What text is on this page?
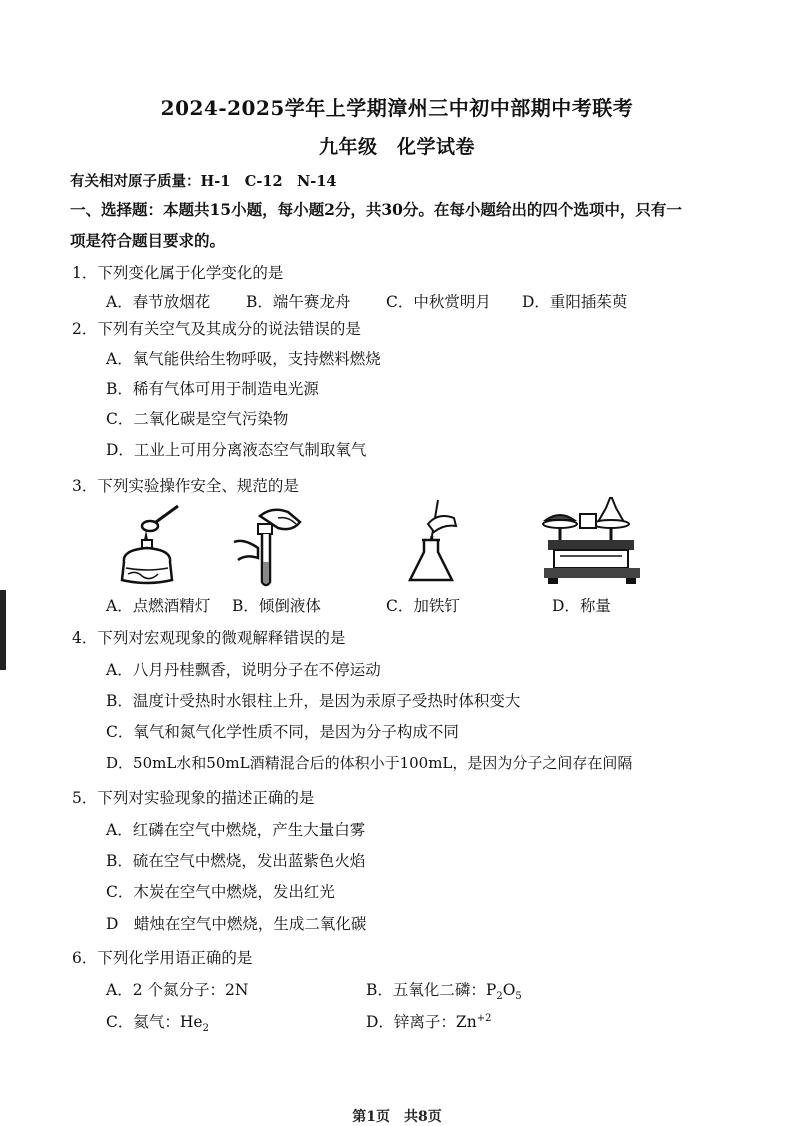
2024-2025学年上学期漳州三中初中部期中考联考
九年级　化学试卷
有关相对原子质量：H-1　C-12　N-14
一、选择题：本题共15小题，每小题2分，共30分。在每小题给出的四个选项中，只有一
项是符合题目要求的。
1．下列变化属于化学变化的是
A．春节放烟花 B．端午赛龙舟 C．中秋赏明月 D．重阳插茱萸
2．下列有关空气及其成分的说法错误的是
A．氧气能供给生物呼吸，支持燃料燃烧
B．稀有气体可用于制造电光源
C．二氧化碳是空气污染物
D．工业上可用分离液态空气制取氧气
3．下列实验操作安全、规范的是
A．点燃酒精灯 B．倾倒液体	C．加铁钉	D．称量
4．下列对宏观现象的微观解释错误的是
A．八月丹桂飘香，说明分子在不停运动
B．温度计受热时水银柱上升，是因为汞原子受热时体积变大
C．氧气和氮气化学性质不同，是因为分子构成不同
D．50mL水和50mL酒精混合后的体积小于100mL，是因为分子之间存在间隔
5．下列对实验现象的描述正确的是
A．红磷在空气中燃烧，产生大量白雾
B．硫在空气中燃烧，发出蓝紫色火焰
C．木炭在空气中燃烧，发出红光
D　蜡烛在空气中燃烧，生成二氧化碳
6．下列化学用语正确的是
A．2 个氮分子：2N	B．五氧化二磷：$P_2O_5$
C．氦气：$He_2$	D．锌离子：$Zn^{+2}$
第1页　共8页
